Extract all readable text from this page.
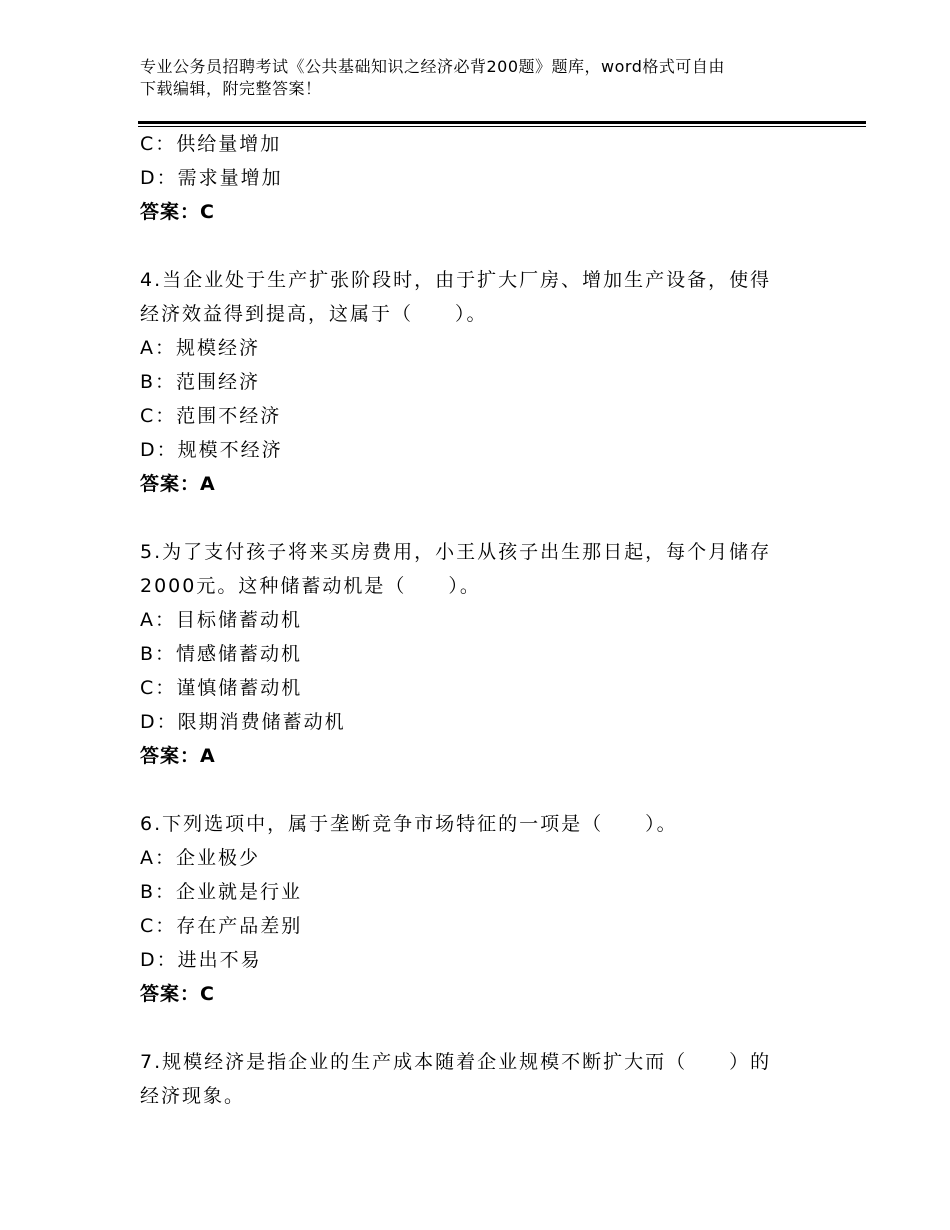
专业公务员招聘考试《公共基础知识之经济必背200题》题库，word格式可自由
下载编辑，附完整答案！
C：供给量增加
D：需求量增加
答案：C
4.当企业处于生产扩张阶段时，由于扩大厂房、增加生产设备，使得
经济效益得到提高，这属于（　　）。
A：规模经济
B：范围经济
C：范围不经济
D：规模不经济
答案：A
5.为了支付孩子将来买房费用，小王从孩子出生那日起，每个月储存
2000元。这种储蓄动机是（　　）。
A：目标储蓄动机
B：情感储蓄动机
C：谨慎储蓄动机
D：限期消费储蓄动机
答案：A
6.下列选项中，属于垄断竞争市场特征的一项是（　　）。
A：企业极少
B：企业就是行业
C：存在产品差别
D：进出不易
答案：C
7.规模经济是指企业的生产成本随着企业规模不断扩大而（　　）的
经济现象。
